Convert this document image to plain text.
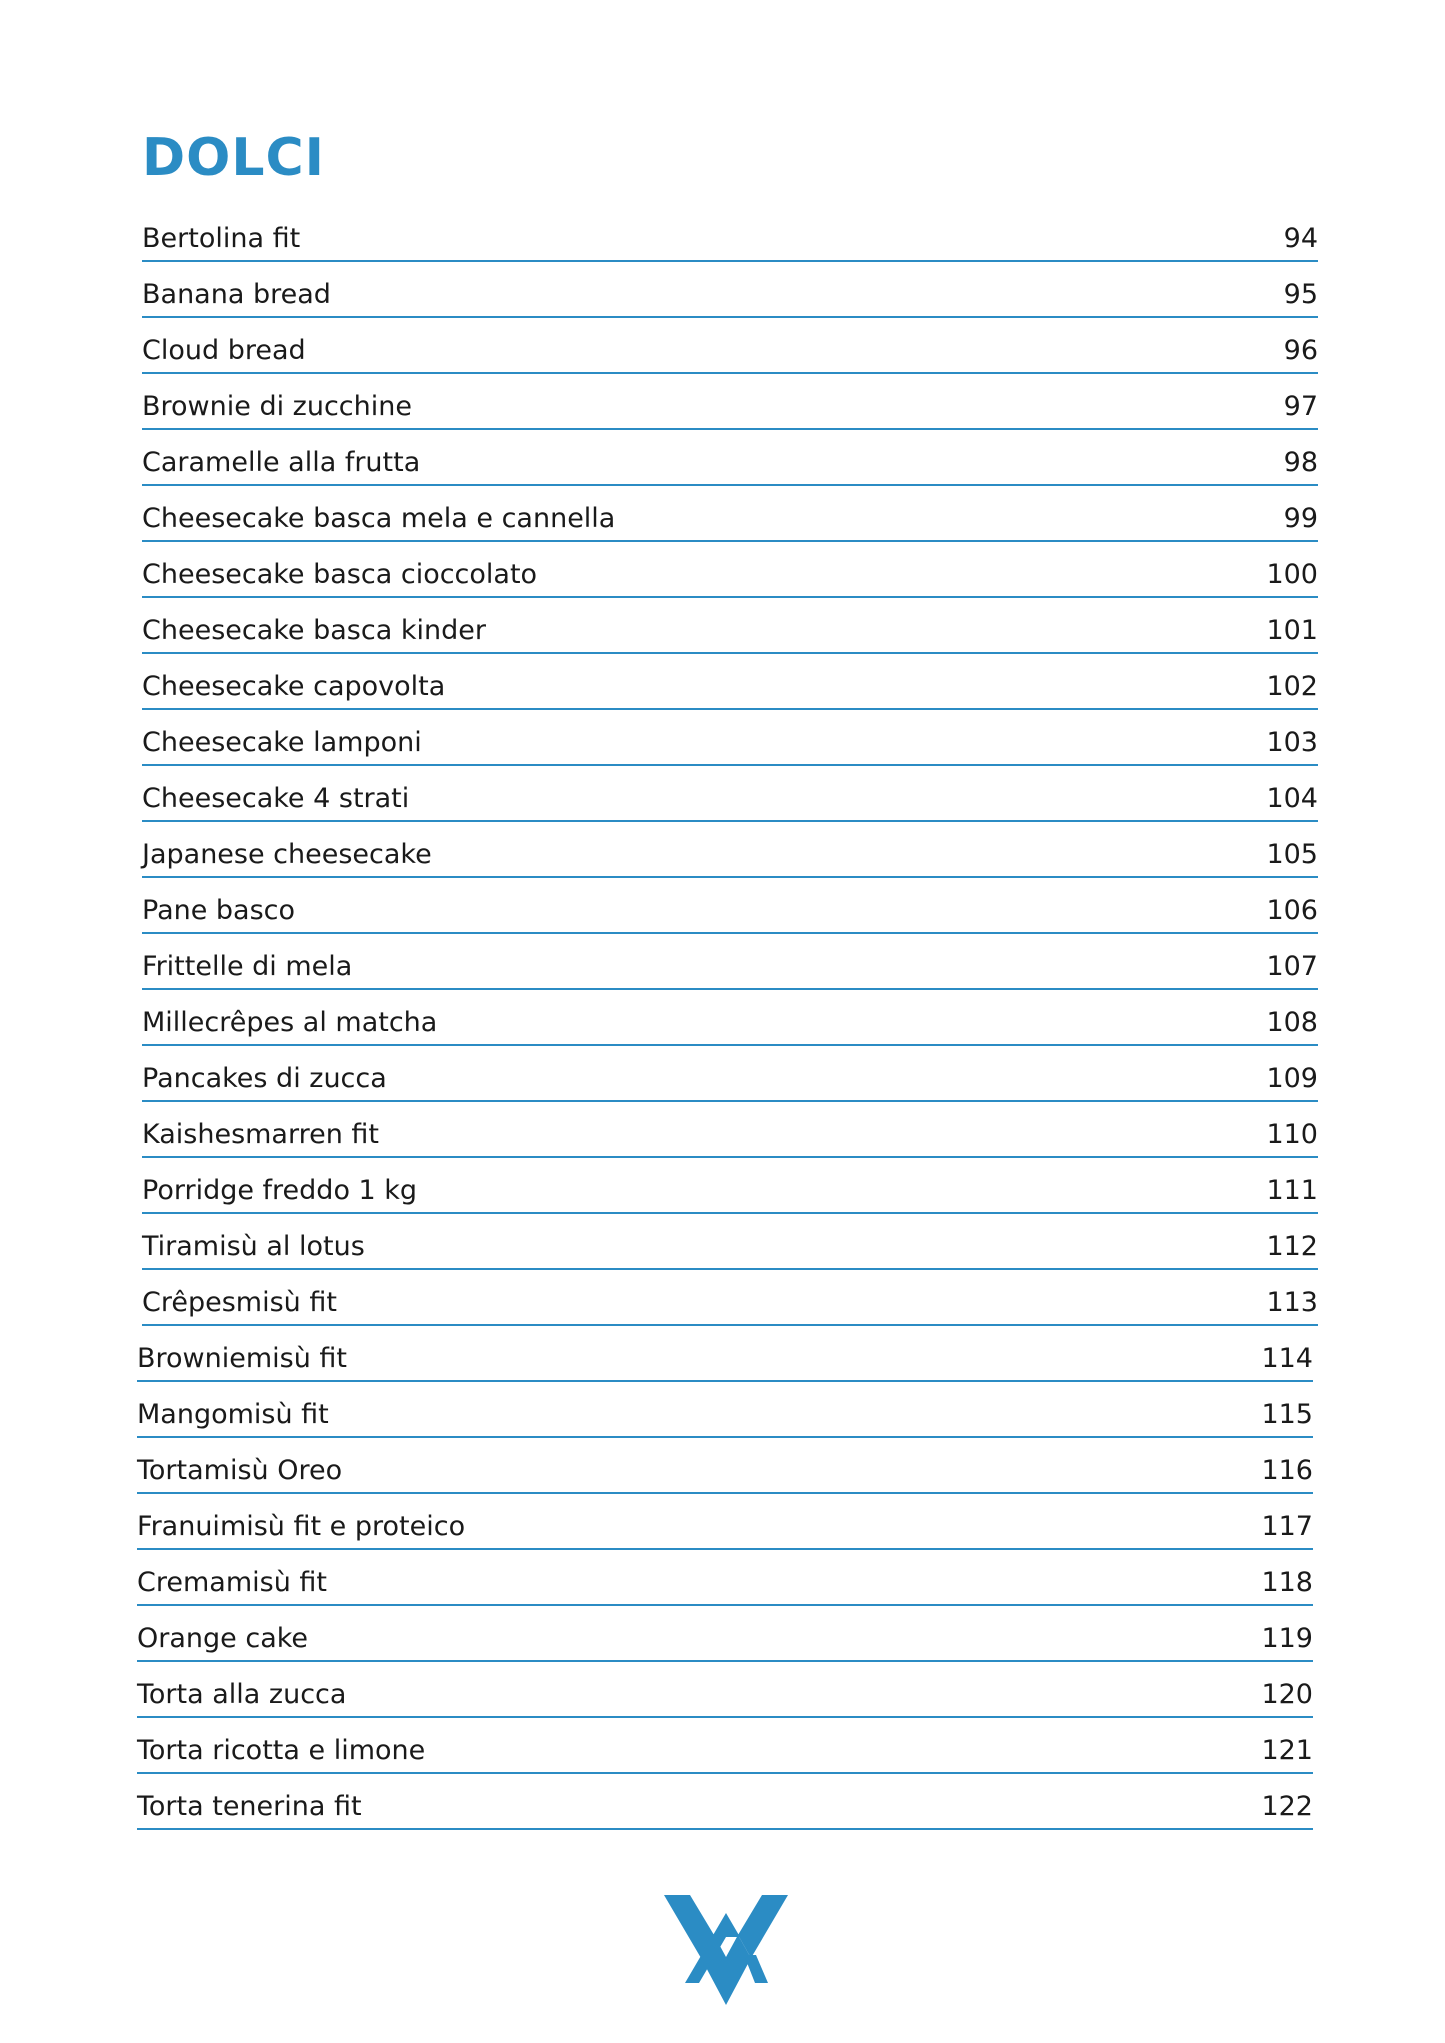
DOLCI
Bertolina fit	94
Banana bread	95
Cloud bread	96
Brownie di zucchine	97
Caramelle alla frutta	98
Cheesecake basca mela e cannella	99
Cheesecake basca cioccolato	100
Cheesecake basca kinder	101
Cheesecake capovolta	102
Cheesecake lamponi	103
Cheesecake 4 strati	104
Japanese cheesecake	105
Pane basco	106
Frittelle di mela	107
Millecrêpes al matcha	108
Pancakes di zucca	109
Kaishesmarren fit	110
Porridge freddo 1 kg	111
Tiramisù al lotus	112
Crêpesmisù fit	113
Browniemisù fit	114
Mangomisù fit	115
Tortamisù Oreo	116
Franuimisù fit e proteico	117
Cremamisù fit	118
Orange cake	119
Torta alla zucca	120
Torta ricotta e limone	121
Torta tenerina fit	122
